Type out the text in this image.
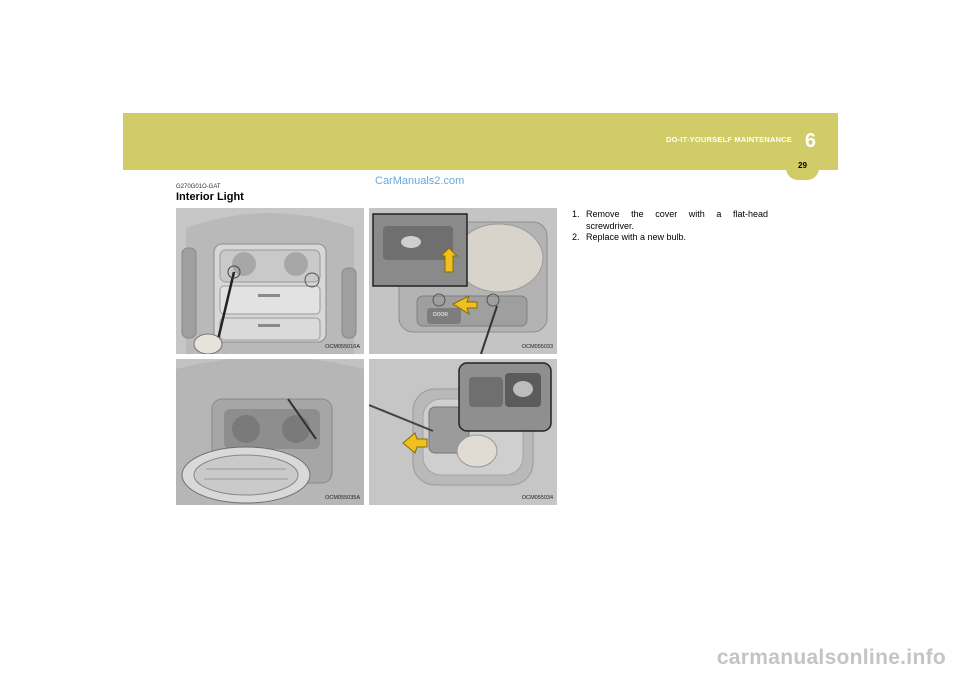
DO-IT-YOURSELF MAINTENANCE 6
29
CarManuals2.com
G270G01O-GAT
Interior Light
OCM055016A
DOOR
OCM055033
OCM055035A	OCM055034
1. Remove the cover with a flat-head screwdriver.
2. Replace with a new bulb.
carmanualsonline.info
